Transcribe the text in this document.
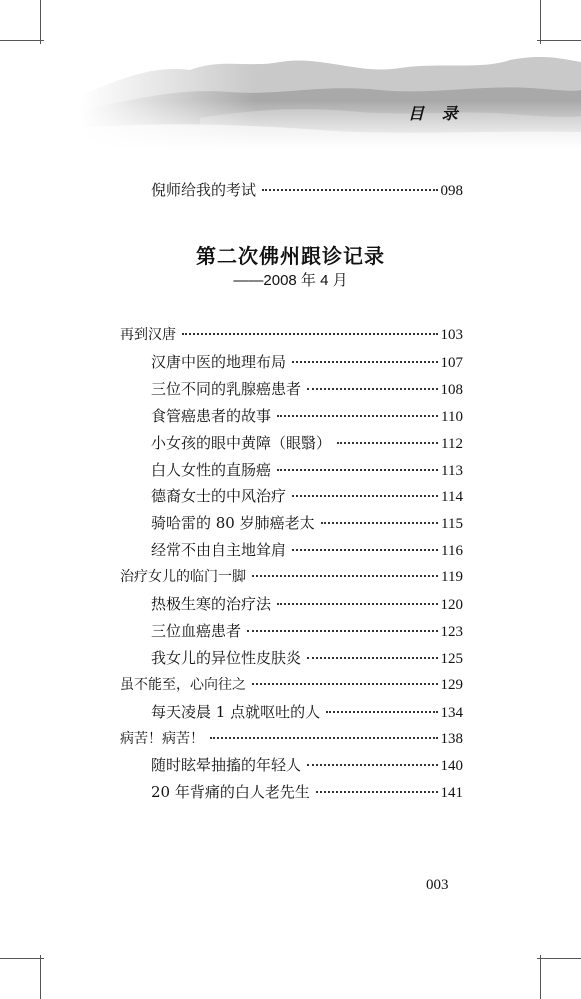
目 录
倪师给我的考试	098
第二次佛州跟诊记录
——2008 年 4 月
再到汉唐	103
汉唐中医的地理布局	107
三位不同的乳腺癌患者	108
食管癌患者的故事	110
小女孩的眼中黄障（眼翳）	112
白人女性的直肠癌	113
德裔女士的中风治疗	114
骑哈雷的 80 岁肺癌老太	115
经常不由自主地耸肩	116
治疗女儿的临门一脚	119
热极生寒的治疗法	120
三位血癌患者	123
我女儿的异位性皮肤炎	125
虽不能至，心向往之	129
每天凌晨 1 点就呕吐的人	134
病苦！病苦！	138
随时眩晕抽搐的年轻人	140
20 年背痛的白人老先生	141
003
